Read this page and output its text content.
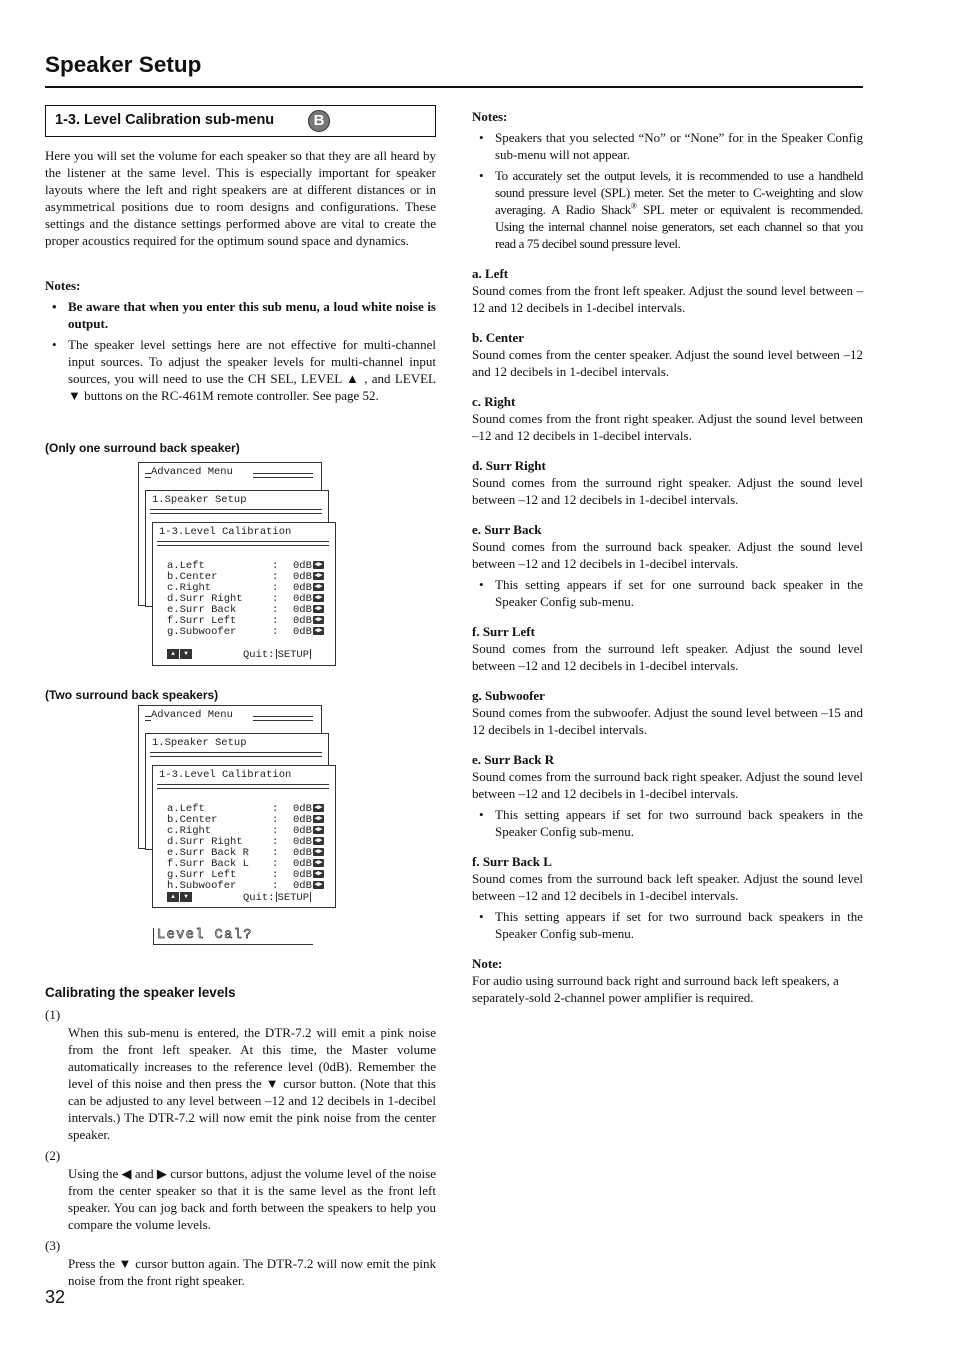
Speaker Setup
1-3. Level Calibration sub-menu	B

Here you will set the volume for each speaker so that they are all heard by the listener at the same level. This is especially important for speaker layouts where the left and right speakers are at different distances or in asymmetrical positions due to room designs and configurations. These settings and the distance settings performed above are vital to create the proper acoustics required for the optimum sound space and dynamics.

Notes:

• Be aware that when you enter this sub menu, a loud white noise is output.
• The speaker level settings here are not effective for multi-channel input sources. To adjust the speaker levels for multi-channel input sources, you will need to use the CH SEL, LEVEL ▲ , and LEVEL ▼ buttons on the RC-461M remote controller. See page 52.
(Only one surround back speaker)
Advanced Menu
1.Speaker Setup
1-3.Level Calibration
a.Left	: 0dB ◀▶
b.Center	: 0dB ◀▶
c.Right	: 0dB ◀▶
d.Surr Right	: 0dB ◀▶
e.Surr Back	: 0dB ◀▶
f.Surr Left	: 0dB ◀▶
g.Subwoofer	: 0dB ◀▶
▲ ▼	Quit: SETUP
(Two surround back speakers)
Advanced Menu
1.Speaker Setup
1-3.Level Calibration
a.Left	: 0dB ◀▶
b.Center	: 0dB ◀▶
c.Right	: 0dB ◀▶
d.Surr Right	: 0dB ◀▶
e.Surr Back R : 0dB ◀▶
f.Surr Back L : 0dB ◀▶
g.Surr Left	: 0dB ◀▶
h.Subwoofer	: 0dB ◀▶
▲ ▼	Quit: SETUP
Level Cal?
Calibrating the speaker levels
(1)
When this sub-menu is entered, the DTR-7.2 will emit a pink noise from the front left speaker. At this time, the Master volume automatically increases to the reference level (0dB). Remember the level of this noise and then press the ▼ cursor button. (Note that this can be adjusted to any level between –12 and 12 decibels in 1-decibel intervals.) The DTR-7.2 will now emit the pink noise from the center speaker.
(2)
Using the ◀ and ▶ cursor buttons, adjust the volume level of the noise from the center speaker so that it is the same level as the front left speaker. You can jog back and forth between the speakers to help you compare the volume levels.
(3)
Press the ▼ cursor button again. The DTR-7.2 will now emit the pink noise from the front right speaker.
32

Notes:

• Speakers that you selected “No” or “None” for in the Speaker Config sub-menu will not appear.
• To accurately set the output levels, it is recommended to use a handheld sound pressure level (SPL) meter. Set the meter to C-weighting and slow averaging. A Radio Shack® SPL meter or equivalent is recommended. Using the internal channel noise generators, set each channel so that you read a 75 decibel sound pressure level.

a. Left

Sound comes from the front left speaker. Adjust the sound level between –12 and 12 decibels in 1-decibel intervals.

b. Center

Sound comes from the center speaker. Adjust the sound level between –12 and 12 decibels in 1-decibel intervals.

c. Right

Sound comes from the front right speaker. Adjust the sound level between –12 and 12 decibels in 1-decibel intervals.

d. Surr Right

Sound comes from the surround right speaker. Adjust the sound level between –12 and 12 decibels in 1-decibel intervals.

e. Surr Back

Sound comes from the surround back speaker. Adjust the sound level between –12 and 12 decibels in 1-decibel intervals.

• This setting appears if set for one surround back speaker in the Speaker Config sub-menu.

f. Surr Left

Sound comes from the surround left speaker. Adjust the sound level between –12 and 12 decibels in 1-decibel intervals.

g. Subwoofer

Sound comes from the subwoofer. Adjust the sound level between –15 and 12 decibels in 1-decibel intervals.

e. Surr Back R

Sound comes from the surround back right speaker. Adjust the sound level between –12 and 12 decibels in 1-decibel intervals.

• This setting appears if set for two surround back speakers in the Speaker Config sub-menu.

f. Surr Back L

Sound comes from the surround back left speaker. Adjust the sound level between –12 and 12 decibels in 1-decibel intervals.

• This setting appears if set for two surround back speakers in the Speaker Config sub-menu.

Note:

For audio using surround back right and surround back left speakers, a separately-sold 2-channel power amplifier is required.
